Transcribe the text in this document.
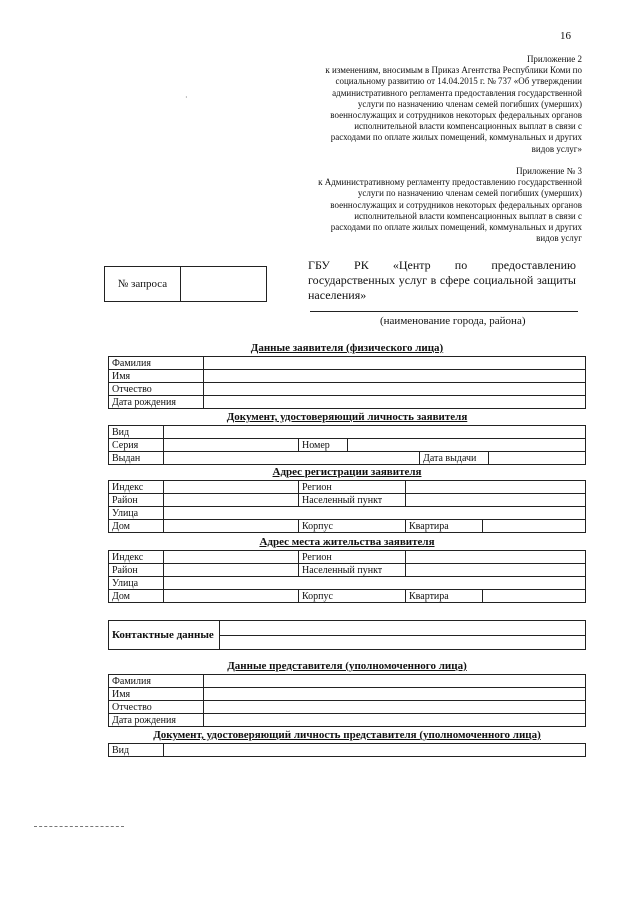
16
·
Приложение 2
к изменениям, вносимым в Приказ Агентства Республики Коми по
социальному развитию от 14.04.2015 г. № 737 «Об утверждении
административного регламента предоставления государственной
услуги по назначению членам семей погибших (умерших)
военнослужащих и сотрудников некоторых федеральных органов
исполнительной власти компенсационных выплат в связи с
расходами по оплате жилых помещений, коммунальных и других
видов услуг»
Приложение № 3
к Административному регламенту предоставлению государственной
услуги по назначению членам семей погибших (умерших)
военнослужащих и сотрудников некоторых федеральных органов
исполнительной власти компенсационных выплат в связи с
расходами по оплате жилых помещений, коммунальных и других
видов услуг
№ запроса
ГБУ РК «Центр по предоставлению государственных услуг в сфере социальной защиты населения»
(наименование города, района)
Данные заявителя (физического лица)
Фамилия	
Имя	
Отчество	
Дата рождения	
Документ, удостоверяющий личность заявителя
Вид					
Серия		Номер			
Выдан				Дата выдачи	
Адрес регистрации заявителя
Индекс		Регион		
Район		Населенный пункт		
Улица				
Дом		Корпус	Квартира	
Адрес места жительства заявителя
Индекс		Регион		
Район		Населенный пункт		
Улица				
Дом		Корпус	Квартира	
Контактные данные	

Данные представителя (уполномоченного лица)
Фамилия	
Имя	
Отчество	
Дата рождения	
Документ, удостоверяющий личность представителя (уполномоченного лица)
Вид	
